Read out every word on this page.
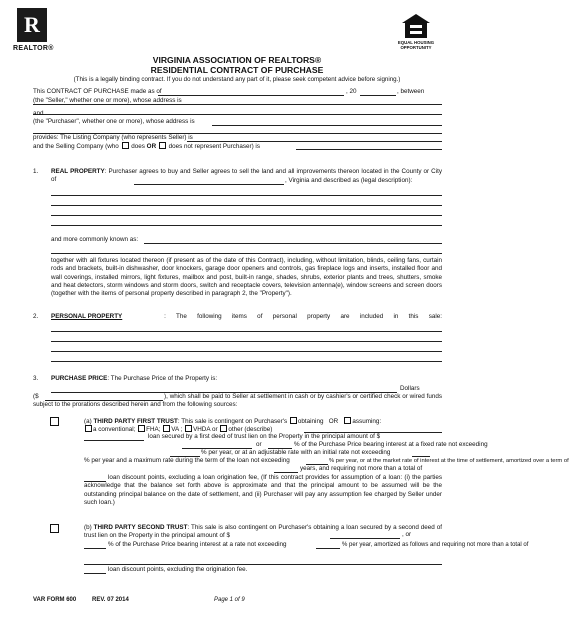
R
REALTOR®
EQUAL HOUSING OPPORTUNITY
VIRGINIA ASSOCIATION OF REALTORS®
RESIDENTIAL CONTRACT OF PURCHASE
(This is a legally binding contract. If you do not understand any part of it, please seek competent advice before signing.)
This CONTRACT OF PURCHASE made as of	, 20	, between
(the "Seller," whether one or more), whose address is
and
(the "Purchaser", whether one or more), whose address is
provides: The Listing Company (who represents Seller) is
and the Selling Company (who does OR does not represent Purchaser) is
1. REAL PROPERTY: Purchaser agrees to buy and Seller agrees to sell the land and all improvements thereon located in the County or City of	, Virginia and described as (legal description):
and more commonly known as:
together with all fixtures located thereon (if present as of the date of this Contract), including, without limitation, blinds, ceiling fans, curtain rods and brackets, built-in dishwasher, door knockers, garage door openers and controls, gas fireplace logs and inserts, installed floor and wall coverings, installed mirrors, light fixtures, mailbox and post, built-in range, shades, shrubs, exterior plants and trees, shutters, smoke and heat detectors, storm windows and storm doors, switch and receptacle covers, television antenna(e), window screens and screen doors (together with the items of personal property described in paragraph 2, the "Property").
2. PERSONAL PROPERTY	: The following items of personal property are included in this sale:
3. PURCHASE PRICE: The Purchase Price of the Property is:
Dollars
($	), which shall be paid to Seller at settlement in cash or by cashier's or certified check or wired funds subject to the prorations described herein and from the following sources:
(a) THIRD PARTY FIRST TRUST: This sale is contingent on Purchaser's obtaining OR assuming:
a conventional; FHA; VA ; VHDA or other (describe)
loan secured by a first deed of trust lien on the Property in the principal amount of $
or	% of the Purchase Price bearing interest at a fixed rate not exceeding
% per year, or at an adjustable rate with an initial rate not exceeding
% per year and a maximum rate during the term of the loan not exceeding	% per year, or at the market rate of interest at the time of settlement, amortized over a term of
years, and requiring not more than a total of
loan discount points, excluding a loan origination fee, (If this contract provides for assumption of a loan: (i) the parties acknowledge that the balance set forth above is approximate and that the principal amount to be assumed will be the outstanding principal balance on the date of settlement, and (ii) Purchaser will pay any assumption fee charged by Seller under such loan.)
(b) THIRD PARTY SECOND TRUST: This sale is also contingent on Purchaser's obtaining a loan secured by a second deed of trust lien on the Property in the principal amount of $	, or
% of the Purchase Price bearing interest at a rate not exceeding	% per year, amortized as follows and requiring not more than a total of
loan discount points, excluding the origination fee.
VAR FORM 600	REV. 07 2014	Page 1 of 9
